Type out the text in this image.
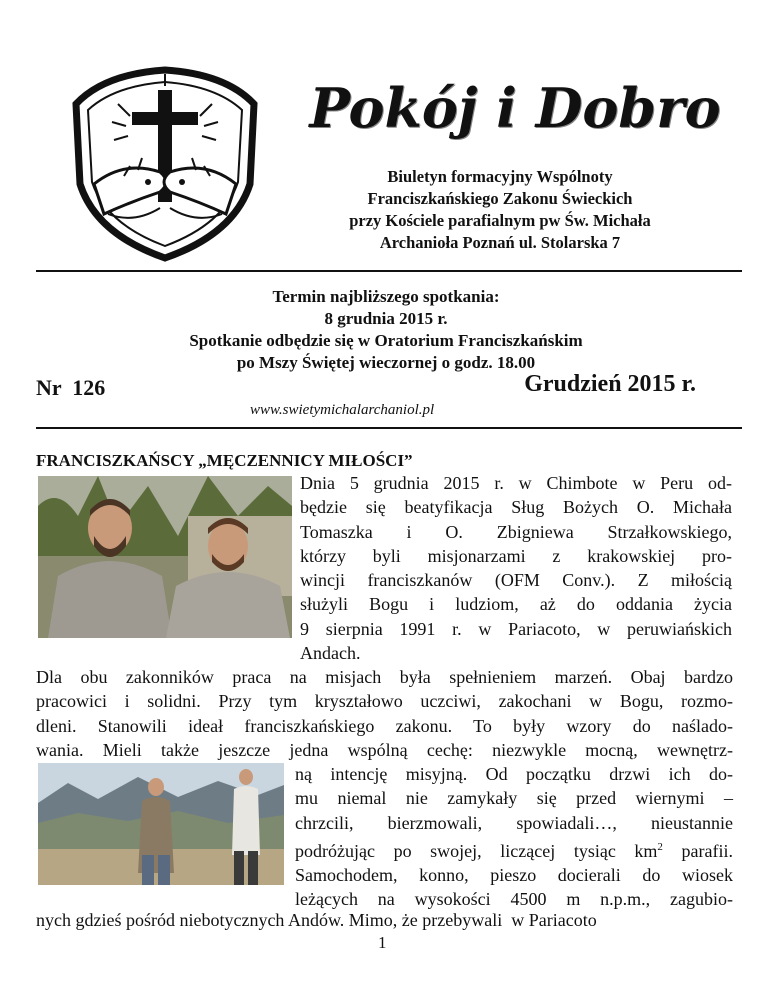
Pokój i Dobro
Biuletyn formacyjny Wspólnoty
Franciszkańskiego Zakonu Świeckich
przy Kościele parafialnym pw Św. Michała
Archanioła Poznań ul. Stolarska 7
Termin najbliższego spotkania:
8 grudnia 2015 r.
Spotkanie odbędzie się w Oratorium Franciszkańskim
po Mszy Świętej wieczornej o godz. 18.00
Nr  126	Grudzień 2015 r.
www.swietymichalarchaniol.pl
FRANCISZKAŃSCY „MĘCZENNICY MIŁOŚCI”
Dnia 5 grudnia 2015 r. w Chimbote w Peru od-
będzie się beatyfikacja Sług Bożych O. Michała
Tomaszka i O. Zbigniewa Strzałkowskiego,
którzy byli misjonarzami z krakowskiej pro-
wincji franciszkanów (OFM Conv.). Z miłością
służyli Bogu i ludziom, aż do oddania życia
9 sierpnia 1991 r. w Pariacoto, w peruwiańskich
Andach.
Dla obu zakonników praca na misjach była spełnieniem marzeń. Obaj bardzo
pracowici i solidni. Przy tym kryształowo uczciwi, zakochani w Bogu, rozmo-
dleni. Stanowili ideał franciszkańskiego zakonu. To były wzory do naślado-
wania. Mieli także jeszcze jedna wspólną cechę: niezwykle mocną, wewnętrz-
ną intencję misyjną. Od początku drzwi ich do-
mu niemal nie zamykały się przed wiernymi –
chrzcili, bierzmowali, spowiadali…, nieustannie
podróżując po swojej, liczącej tysiąc $km^2$ parafii.
Samochodem, konno, pieszo docierali do wiosek
leżących na wysokości 4500 m n.p.m., zagubio-
nych gdzieś pośród niebotycznych Andów. Mimo, że przebywali  w Pariacoto
1
